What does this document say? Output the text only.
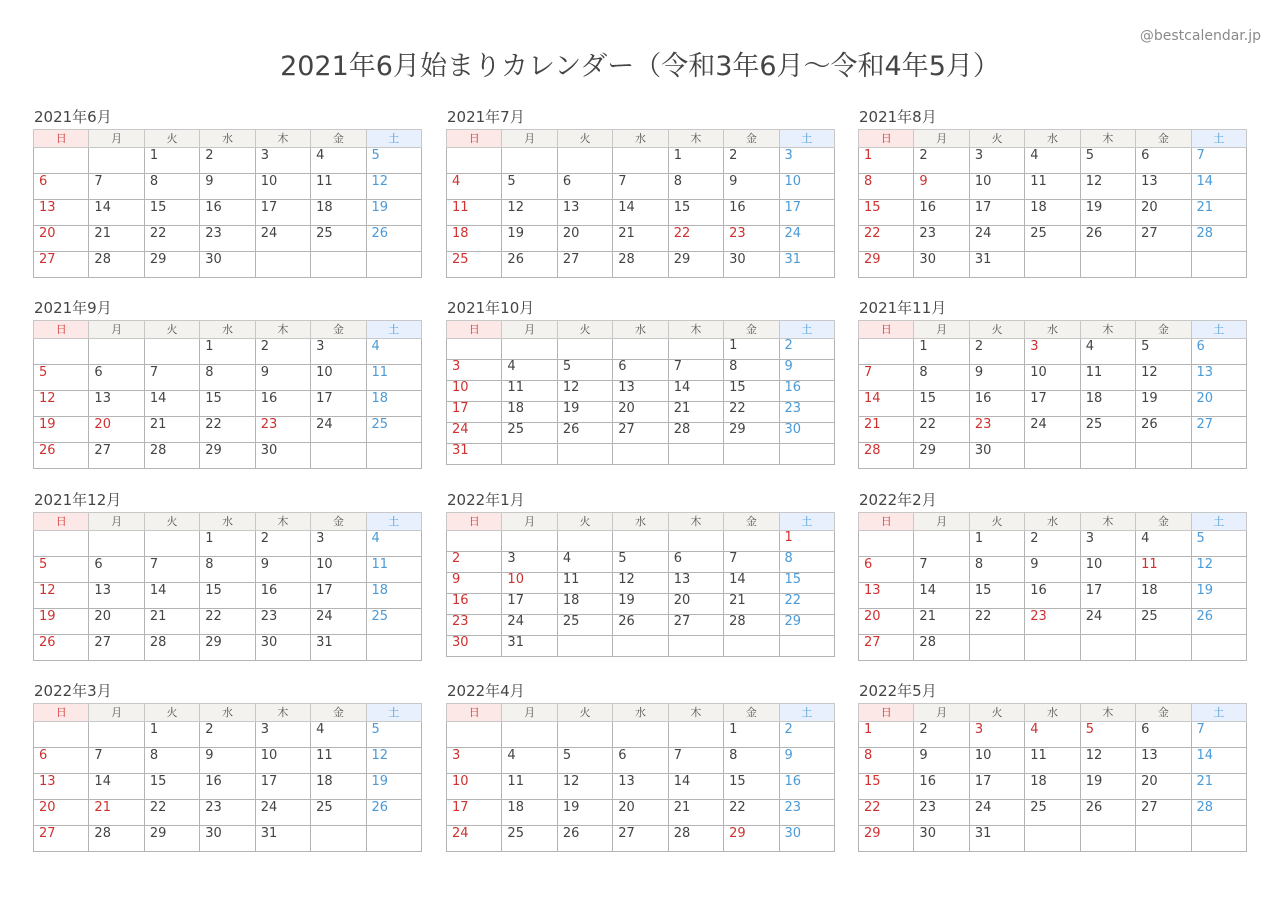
2021年6月始まりカレンダー（令和3年6月〜令和4年5月）
@bestcalendar.jp
2021年6月
日	月	火	水	木	金	土
		1	2	3	4	5
6	7	8	9	10	11	12
13	14	15	16	17	18	19
20	21	22	23	24	25	26
27	28	29	30			
2021年7月
日	月	火	水	木	金	土
				1	2	3
4	5	6	7	8	9	10
11	12	13	14	15	16	17
18	19	20	21	22	23	24
25	26	27	28	29	30	31
2021年8月
日	月	火	水	木	金	土
1	2	3	4	5	6	7
8	9	10	11	12	13	14
15	16	17	18	19	20	21
22	23	24	25	26	27	28
29	30	31				
2021年9月
日	月	火	水	木	金	土
			1	2	3	4
5	6	7	8	9	10	11
12	13	14	15	16	17	18
19	20	21	22	23	24	25
26	27	28	29	30		
2021年10月
日	月	火	水	木	金	土
					1	2
3	4	5	6	7	8	9
10	11	12	13	14	15	16
17	18	19	20	21	22	23
24	25	26	27	28	29	30
31						
2021年11月
日	月	火	水	木	金	土
	1	2	3	4	5	6
7	8	9	10	11	12	13
14	15	16	17	18	19	20
21	22	23	24	25	26	27
28	29	30				
2021年12月
日	月	火	水	木	金	土
			1	2	3	4
5	6	7	8	9	10	11
12	13	14	15	16	17	18
19	20	21	22	23	24	25
26	27	28	29	30	31	
2022年1月
日	月	火	水	木	金	土
						1
2	3	4	5	6	7	8
9	10	11	12	13	14	15
16	17	18	19	20	21	22
23	24	25	26	27	28	29
30	31					
2022年2月
日	月	火	水	木	金	土
		1	2	3	4	5
6	7	8	9	10	11	12
13	14	15	16	17	18	19
20	21	22	23	24	25	26
27	28					
2022年3月
日	月	火	水	木	金	土
		1	2	3	4	5
6	7	8	9	10	11	12
13	14	15	16	17	18	19
20	21	22	23	24	25	26
27	28	29	30	31		
2022年4月
日	月	火	水	木	金	土
					1	2
3	4	5	6	7	8	9
10	11	12	13	14	15	16
17	18	19	20	21	22	23
24	25	26	27	28	29	30
2022年5月
日	月	火	水	木	金	土
1	2	3	4	5	6	7
8	9	10	11	12	13	14
15	16	17	18	19	20	21
22	23	24	25	26	27	28
29	30	31				
